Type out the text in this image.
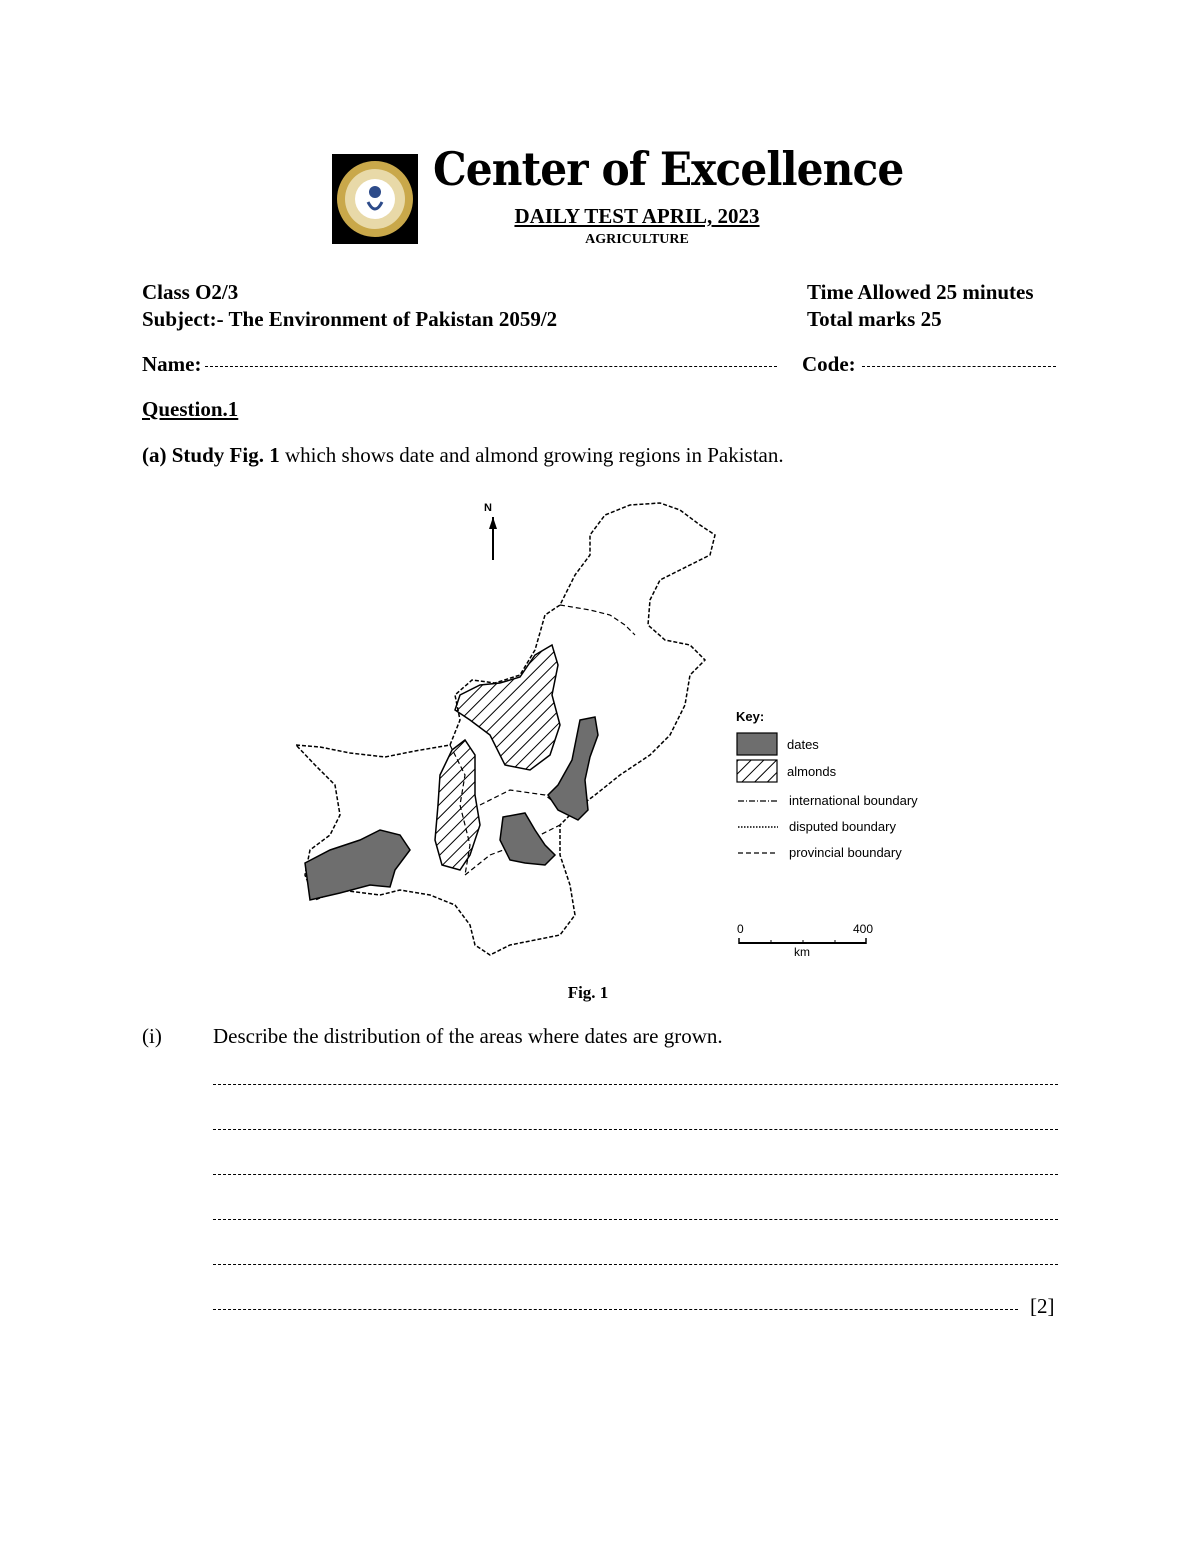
Center of Excellence
DAILY TEST APRIL, 2023
AGRICULTURE
Class O2/3
Subject:- The Environment of Pakistan 2059/2
Time Allowed 25 minutes
Total marks 25
Name:	Code:
Question.1
(a) Study Fig. 1 which shows date and almond growing regions in Pakistan.
N
Key:
dates
almonds
international boundary
disputed boundary
provincial boundary
0	400
km
Fig. 1
(i) Describe the distribution of the areas where dates are grown.
[2]
